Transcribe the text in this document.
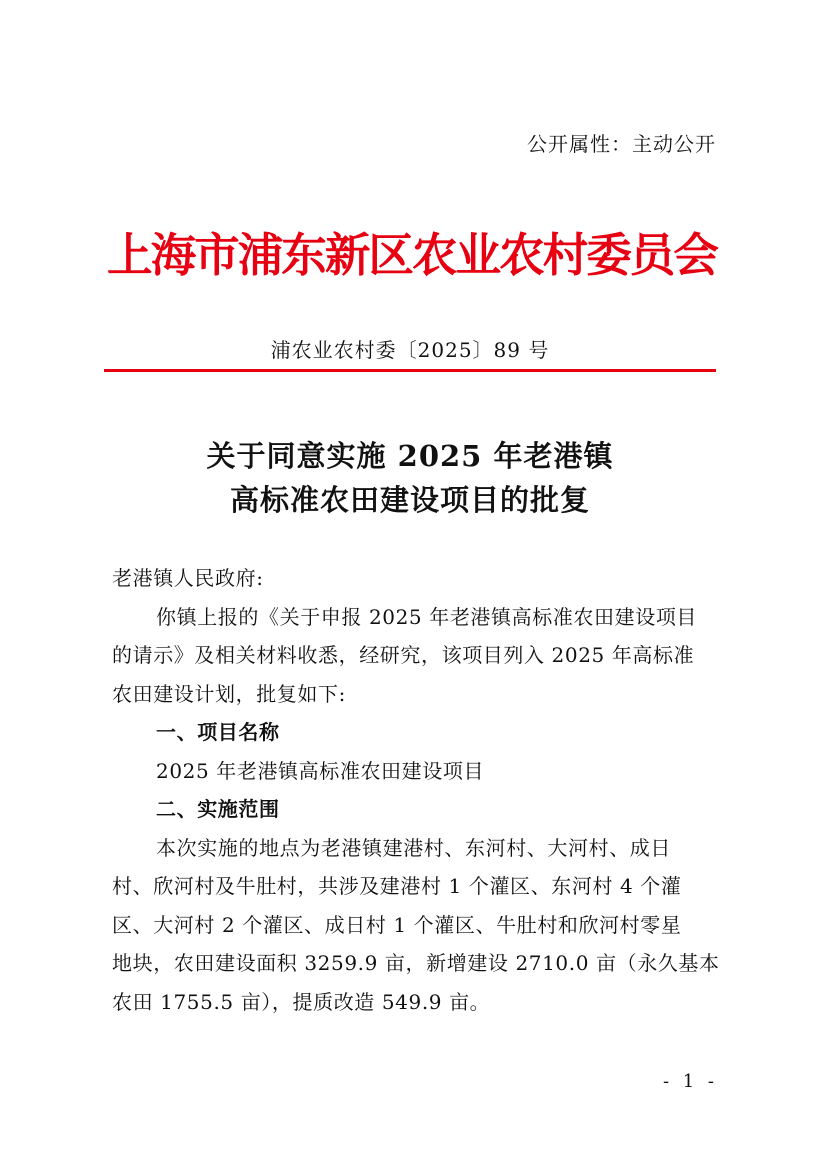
公开属性：主动公开
上海市浦东新区农业农村委员会
浦农业农村委〔2025〕89 号
关于同意实施 2025 年老港镇
高标准农田建设项目的批复
老港镇人民政府:
你镇上报的《关于申报 2025 年老港镇高标准农田建设项目
的请示》及相关材料收悉，经研究，该项目列入 2025 年高标准
农田建设计划，批复如下:
一、项目名称
2025 年老港镇高标准农田建设项目
二、实施范围
本次实施的地点为老港镇建港村、东河村、大河村、成日
村、欣河村及牛肚村，共涉及建港村 1 个灌区、东河村 4 个灌
区、大河村 2 个灌区、成日村 1 个灌区、牛肚村和欣河村零星
地块，农田建设面积 3259.9 亩，新增建设 2710.0 亩（永久基本
农田 1755.5 亩），提质改造 549.9 亩。
- 1 -
